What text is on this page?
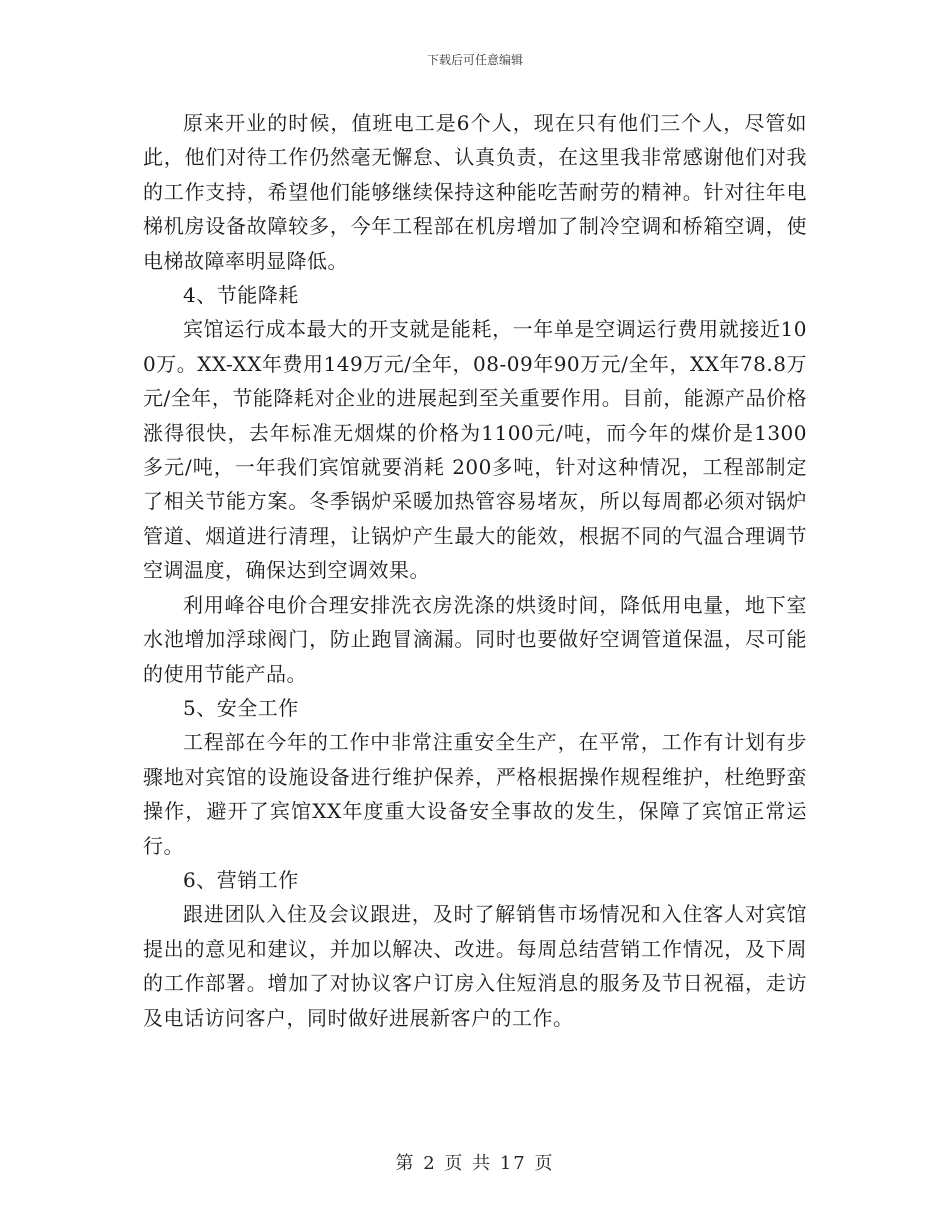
下载后可任意编辑

原来开业的时候，值班电工是6个人，现在只有他们三个人，尽管如此，他们对待工作仍然毫无懈怠、认真负责，在这里我非常感谢他们对我的工作支持，希望他们能够继续保持这种能吃苦耐劳的精神。针对往年电梯机房设备故障较多，今年工程部在机房增加了制冷空调和桥箱空调，使电梯故障率明显降低。

4、节能降耗

宾馆运行成本最大的开支就是能耗，一年单是空调运行费用就接近100万。XX-XX年费用149万元/全年，08-09年90万元/全年，XX年78.8万元/全年，节能降耗对企业的进展起到至关重要作用。目前，能源产品价格涨得很快，去年标准无烟煤的价格为1100元/吨，而今年的煤价是1300多元/吨，一年我们宾馆就要消耗 200多吨，针对这种情况，工程部制定了相关节能方案。冬季锅炉采暖加热管容易堵灰，所以每周都必须对锅炉管道、烟道进行清理，让锅炉产生最大的能效，根据不同的气温合理调节空调温度，确保达到空调效果。

利用峰谷电价合理安排洗衣房洗涤的烘烫时间，降低用电量，地下室水池增加浮球阀门，防止跑冒滴漏。同时也要做好空调管道保温，尽可能的使用节能产品。

5、安全工作

工程部在今年的工作中非常注重安全生产，在平常，工作有计划有步骤地对宾馆的设施设备进行维护保养，严格根据操作规程维护，杜绝野蛮操作，避开了宾馆XX年度重大设备安全事故的发生，保障了宾馆正常运行。

6、营销工作

跟进团队入住及会议跟进，及时了解销售市场情况和入住客人对宾馆提出的意见和建议，并加以解决、改进。每周总结营销工作情况，及下周的工作部署。增加了对协议客户订房入住短消息的服务及节日祝福，走访及电话访问客户，同时做好进展新客户的工作。

第 2 页 共 17 页
